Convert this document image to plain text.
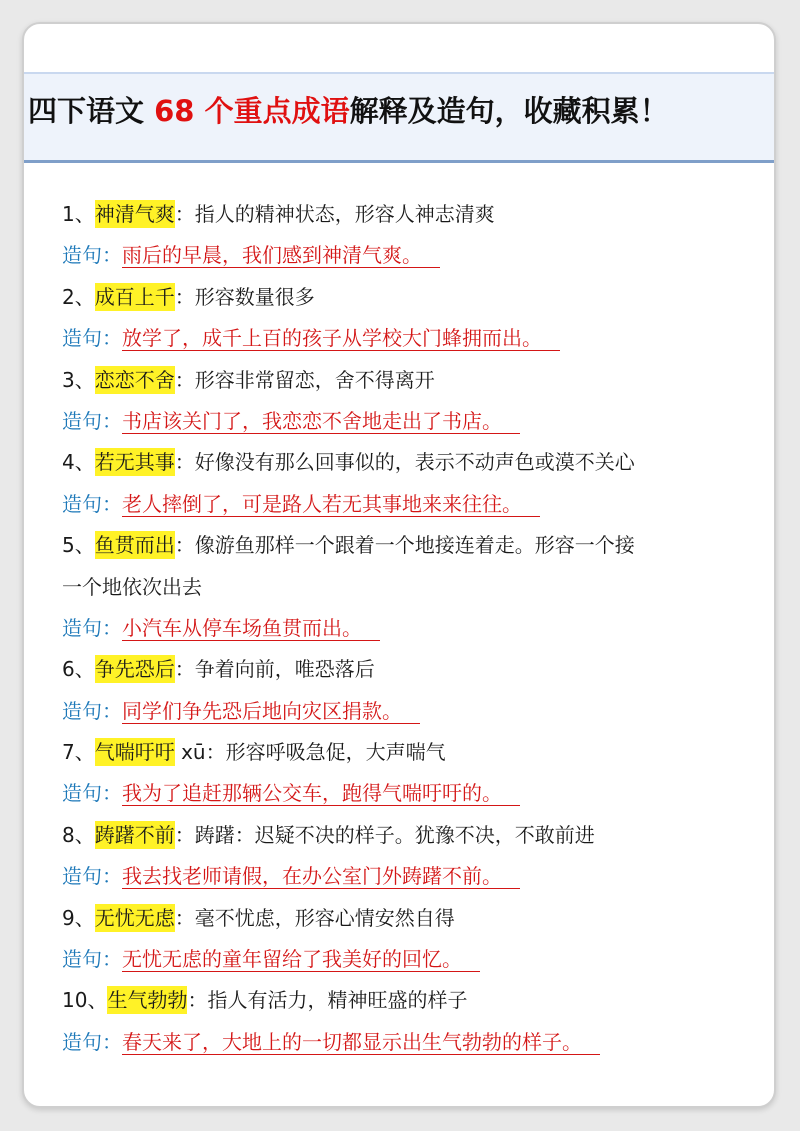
四下语文 68 个重点成语解释及造句，收藏积累！
1、神清气爽：指人的精神状态，形容人神志清爽
造句：雨后的早晨，我们感到神清气爽。
2、成百上千：形容数量很多
造句：放学了，成千上百的孩子从学校大门蜂拥而出。
3、恋恋不舍：形容非常留恋，舍不得离开
造句：书店该关门了，我恋恋不舍地走出了书店。
4、若无其事：好像没有那么回事似的，表示不动声色或漠不关心
造句：老人摔倒了，可是路人若无其事地来来往往。
5、鱼贯而出：像游鱼那样一个跟着一个地接连着走。形容一个接
一个地依次出去
造句：小汽车从停车场鱼贯而出。
6、争先恐后：争着向前，唯恐落后
造句：同学们争先恐后地向灾区捐款。
7、气喘吁吁 xū：形容呼吸急促，大声喘气
造句：我为了追赶那辆公交车，跑得气喘吁吁的。
8、踌躇不前：踌躇：迟疑不决的样子。犹豫不决，不敢前进
造句：我去找老师请假，在办公室门外踌躇不前。
9、无忧无虑：毫不忧虑，形容心情安然自得
造句：无忧无虑的童年留给了我美好的回忆。
10、生气勃勃：指人有活力，精神旺盛的样子
造句：春天来了，大地上的一切都显示出生气勃勃的样子。
